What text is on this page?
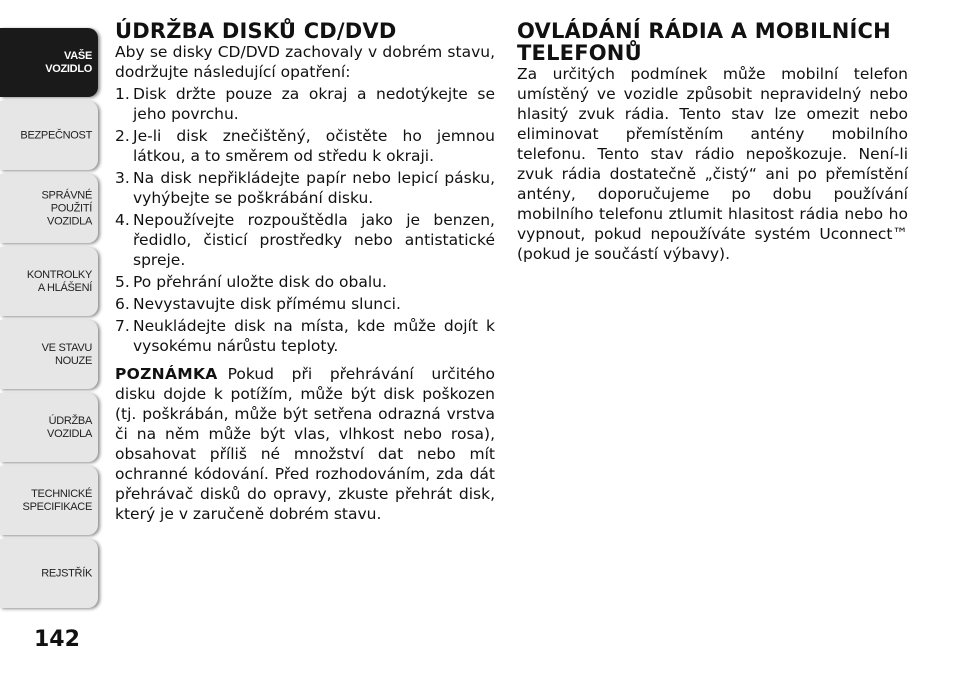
VAŠE
VOZIDLO
BEZPEČNOST
SPRÁVNÉ
POUŽITÍ
VOZIDLA
KONTROLKY
A HLÁŠENÍ
VE STAVU
NOUZE
ÚDRŽBA
VOZIDLA
TECHNICKÉ
SPECIFIKACE
REJSTŘÍK
142
ÚDRŽBA DISKŮ CD/DVD

Aby se disky CD/DVD zachovaly v dobrém stavu, dodržujte následující opatření:

1. Disk držte pouze za okraj a nedotýkejte se jeho povrchu.
2. Je-li disk znečištěný, očistěte ho jemnou látkou, a to směrem od středu k okraji.
3. Na disk nepřikládejte papír nebo lepicí pásku, vyhýbejte se poškrábání disku.
4. Nepoužívejte rozpouštědla jako je benzen, ředidlo, čisticí prostředky nebo antistatické spreje.
5. Po přehrání uložte disk do obalu.
6. Nevystavujte disk přímému slunci.
7. Neukládejte disk na místa, kde může dojít k vysokému nárůstu teploty.

POZNÁMKA Pokud při přehrávání určitého disku dojde k potížím, může být disk poškozen (tj. poškrábán, může být setřena odrazná vrstva či na něm může být vlas, vlhkost nebo rosa), obsahovat příliš né množství dat nebo mít ochranné kódování. Před rozhodováním, zda dát přehrávač disků do opravy, zkuste přehrát disk, který je v zaručeně dobrém stavu.

OVLÁDÁNÍ RÁDIA A MOBILNÍCH TELEFONŮ

Za určitých podmínek může mobilní telefon umístěný ve vozidle způsobit nepravidelný nebo hlasitý zvuk rádia. Tento stav lze omezit nebo eliminovat přemístěním antény mobilního telefonu. Tento stav rádio nepoškozuje. Není-li zvuk rádia dostatečně „čistý“ ani po přemístění antény, doporučujeme po dobu používání mobilního telefonu ztlumit hlasitost rádia nebo ho vypnout, pokud nepoužíváte systém Uconnect™ (pokud je součástí výbavy).
